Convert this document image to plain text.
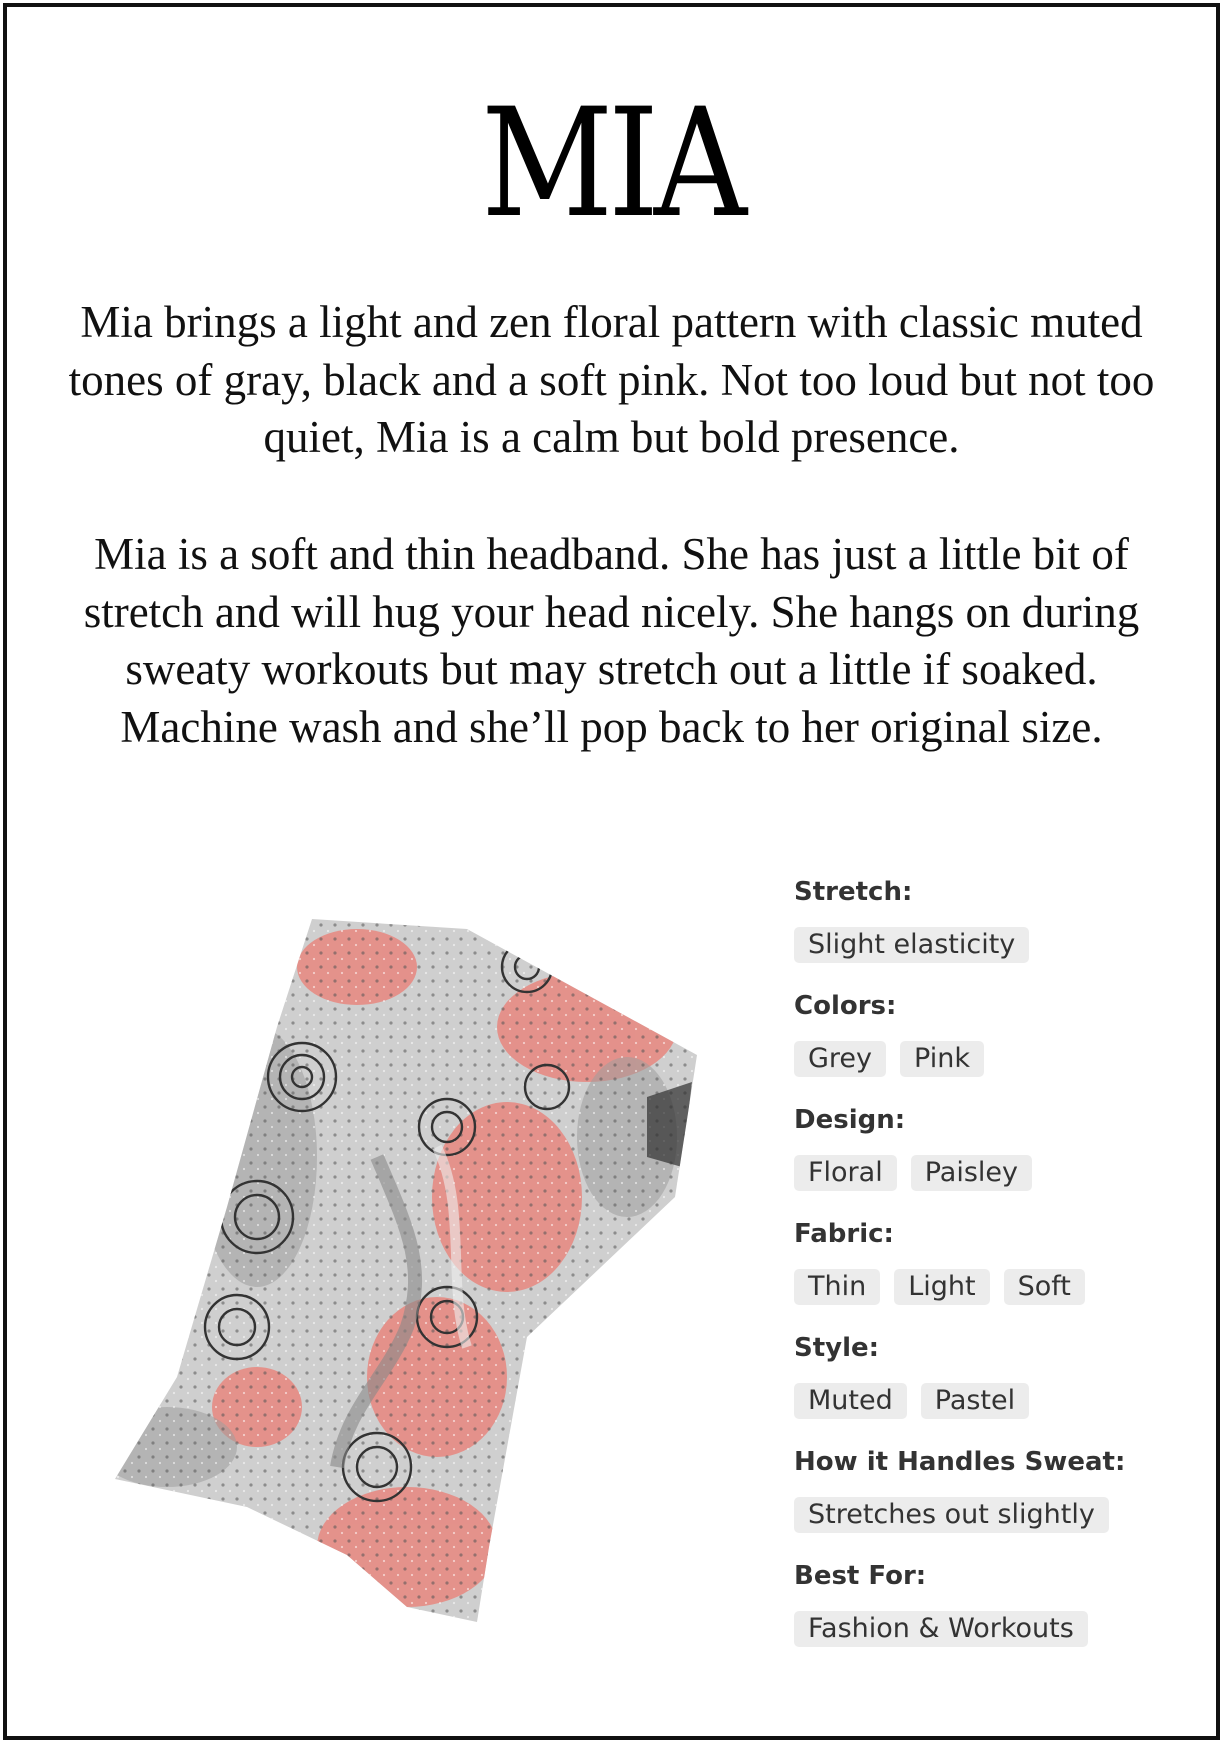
MIA
Mia brings a light and zen floral pattern with classic muted tones of gray, black and a soft pink. Not too loud but not too quiet, Mia is a calm but bold presence.
Mia is a soft and thin headband. She has just a little bit of stretch and will hug your head nicely. She hangs on during sweaty workouts but may stretch out a little if soaked. Machine wash and she’ll pop back to her original size.
Stretch:
Slight elasticity
Colors:
Grey	Pink
Design:
Floral	Paisley
Fabric:
Thin	Light	Soft
Style:
Muted	Pastel
How it Handles Sweat:
Stretches out slightly
Best For:
Fashion & Workouts
